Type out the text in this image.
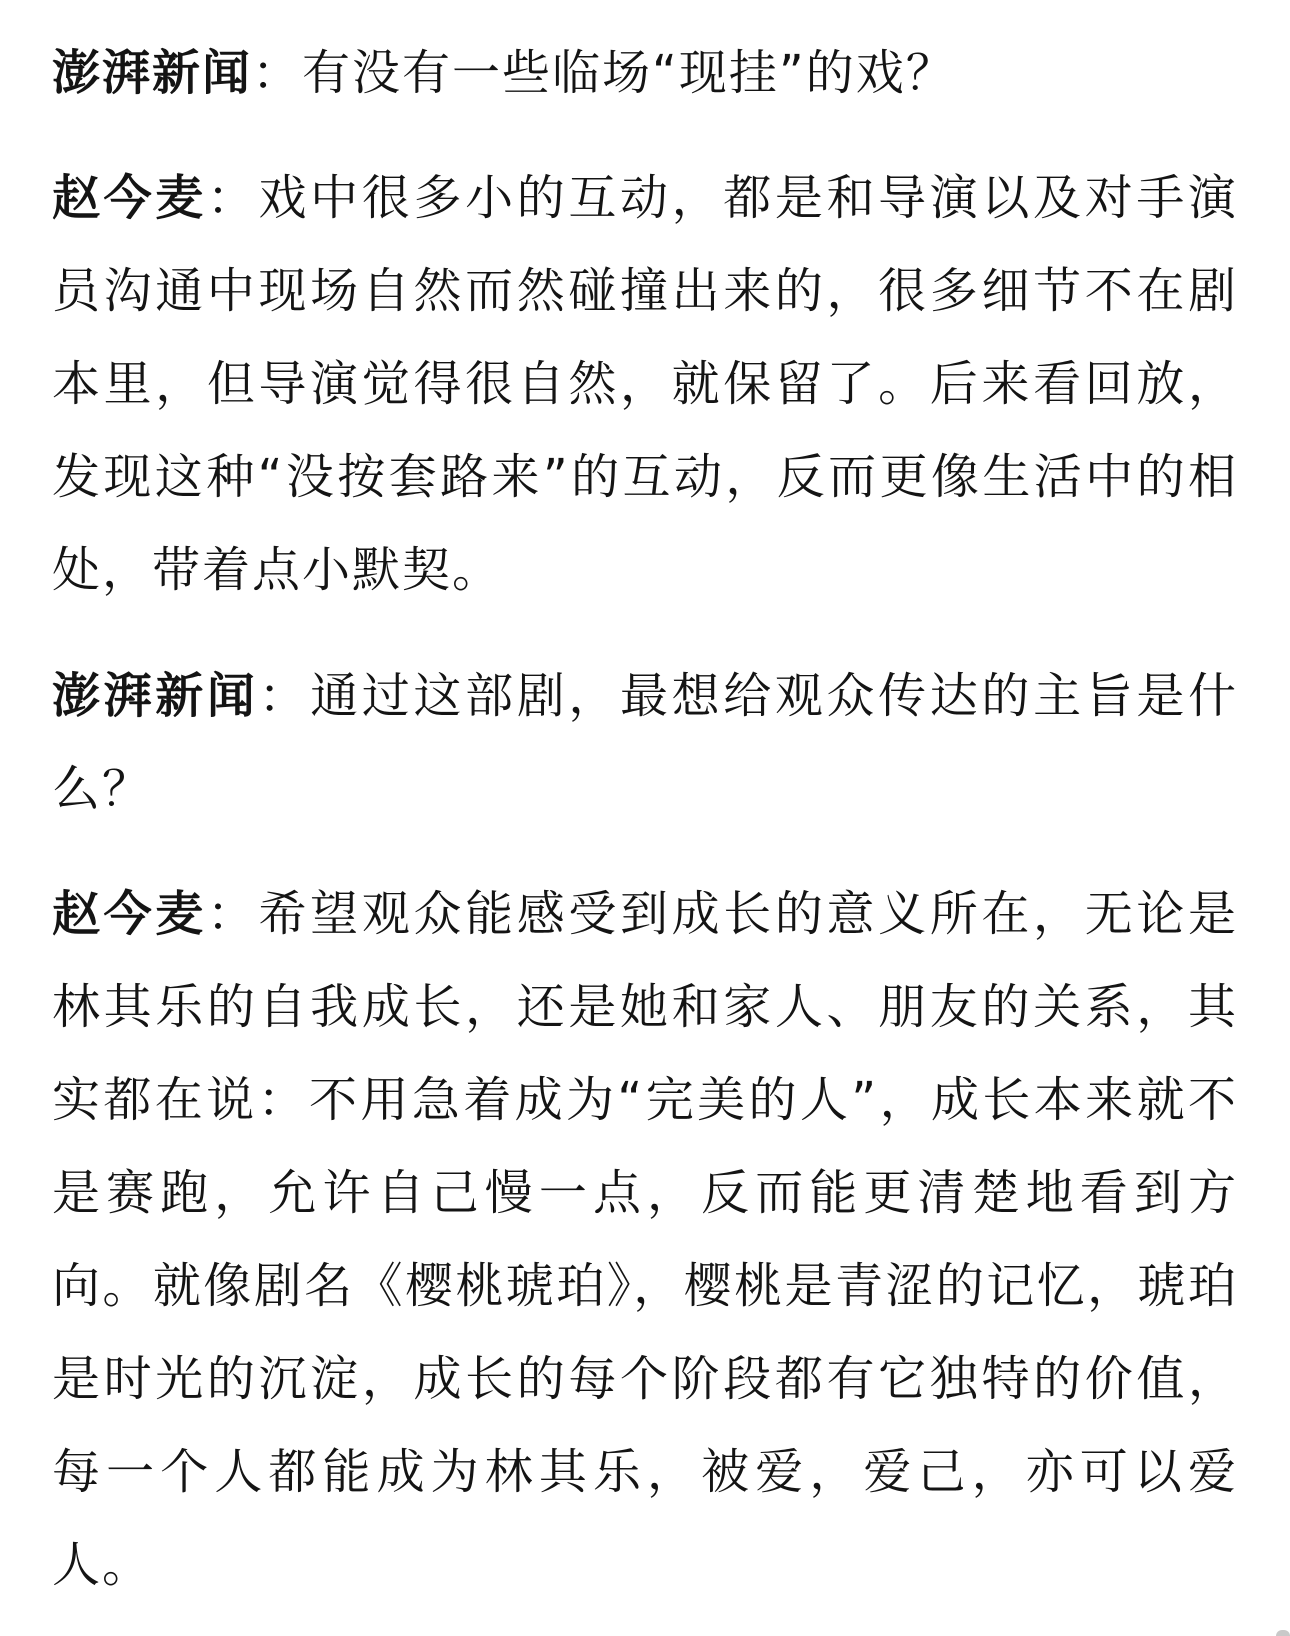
澎湃新闻：有没有一些临场“现挂”的戏？

赵今麦：戏中很多小的互动，都是和导演以及对手演员沟通中现场自然而然碰撞出来的，很多细节不在剧本里，但导演觉得很自然，就保留了。后来看回放，发现这种“没按套路来”的互动，反而更像生活中的相处，带着点小默契。

澎湃新闻：通过这部剧，最想给观众传达的主旨是什么？

赵今麦：希望观众能感受到成长的意义所在，无论是林其乐的自我成长，还是她和家人、朋友的关系，其实都在说：不用急着成为“完美的人”，成长本来就不是赛跑，允许自己慢一点，反而能更清楚地看到方向。就像剧名《樱桃琥珀》，樱桃是青涩的记忆，琥珀是时光的沉淀，成长的每个阶段都有它独特的价值，每一个人都能成为林其乐，被爱，爱己，亦可以爱人。
